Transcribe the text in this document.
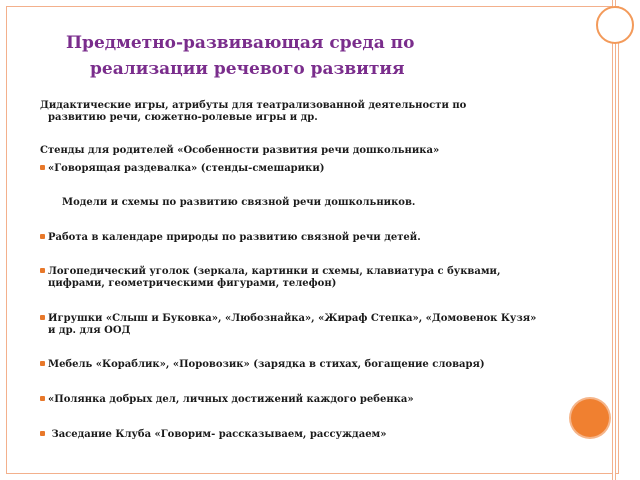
Предметно-развивающая среда по
реализации речевого развития
Дидактические игры, атрибуты для театрализованной деятельности по
развитию речи, сюжетно-ролевые игры и др.
Стенды для родителей «Особенности развития речи дошкольника»
«Говорящая раздевалка» (стенды-смешарики)
Модели и схемы по развитию связной речи дошкольников.
Работа в календаре природы по развитию связной речи детей.
Логопедический уголок (зеркала, картинки и схемы, клавиатура с буквами,
цифрами, геометрическими фигурами, телефон)
Игрушки «Слыш и Буковка», «Любознайка», «Жираф Степка», «Домовенок Кузя»
и др. для ООД
Мебель «Кораблик», «Поровозик» (зарядка в стихах, богащение словаря)
«Полянка добрых дел, личных достижений каждого ребенка»
Заседание Клуба «Говорим- рассказываем, рассуждаем»
